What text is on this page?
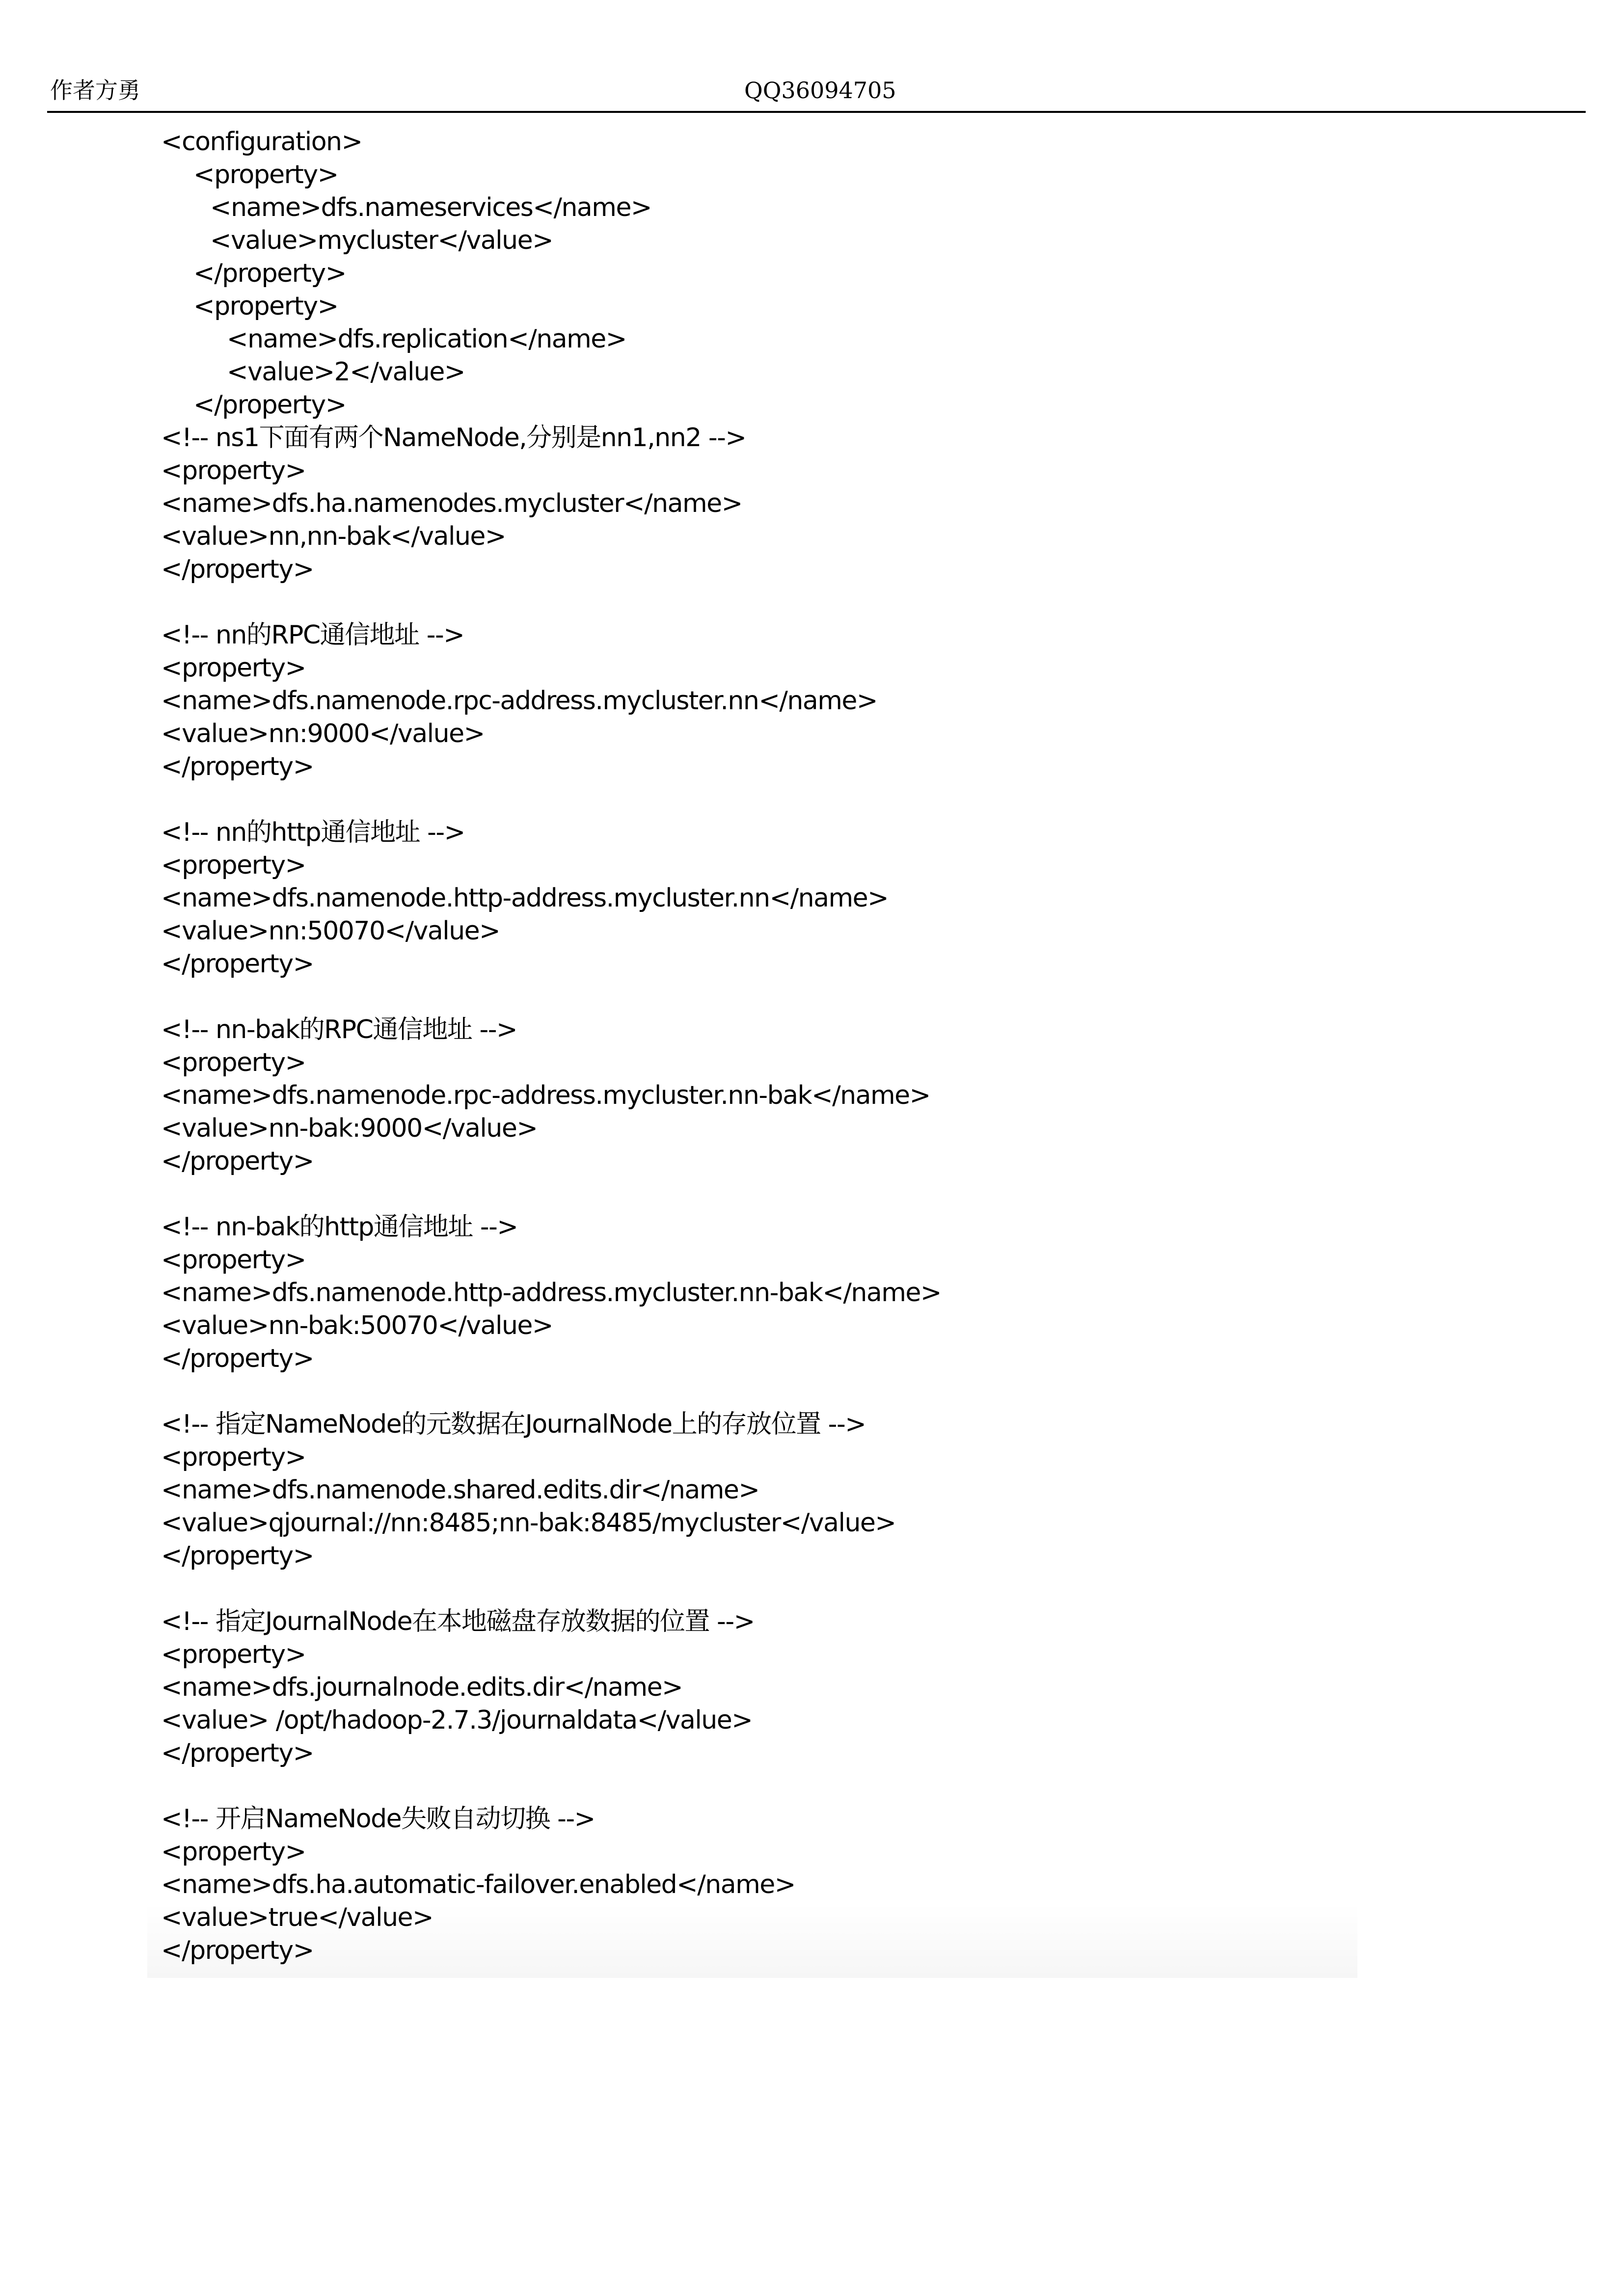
作者方勇	QQ36094705
<configuration>
<property>
<name>dfs.nameservices</name>
<value>mycluster</value>
</property>
<property>
<name>dfs.replication</name>
<value>2</value>
</property>
<!-- ns1下面有两个NameNode,分别是nn1,nn2 -->
<property>
<name>dfs.ha.namenodes.mycluster</name>
<value>nn,nn-bak</value>
</property>
<!-- nn的RPC通信地址 -->
<property>
<name>dfs.namenode.rpc-address.mycluster.nn</name>
<value>nn:9000</value>
</property>
<!-- nn的http通信地址 -->
<property>
<name>dfs.namenode.http-address.mycluster.nn</name>
<value>nn:50070</value>
</property>
<!-- nn-bak的RPC通信地址 -->
<property>
<name>dfs.namenode.rpc-address.mycluster.nn-bak</name>
<value>nn-bak:9000</value>
</property>
<!-- nn-bak的http通信地址 -->
<property>
<name>dfs.namenode.http-address.mycluster.nn-bak</name>
<value>nn-bak:50070</value>
</property>
<!-- 指定NameNode的元数据在JournalNode上的存放位置 -->
<property>
<name>dfs.namenode.shared.edits.dir</name>
<value>qjournal://nn:8485;nn-bak:8485/mycluster</value>
</property>
<!-- 指定JournalNode在本地磁盘存放数据的位置 -->
<property>
<name>dfs.journalnode.edits.dir</name>
<value> /opt/hadoop-2.7.3/journaldata</value>
</property>
<!-- 开启NameNode失败自动切换 -->
<property>
<name>dfs.ha.automatic-failover.enabled</name>
<value>true</value>
</property>
